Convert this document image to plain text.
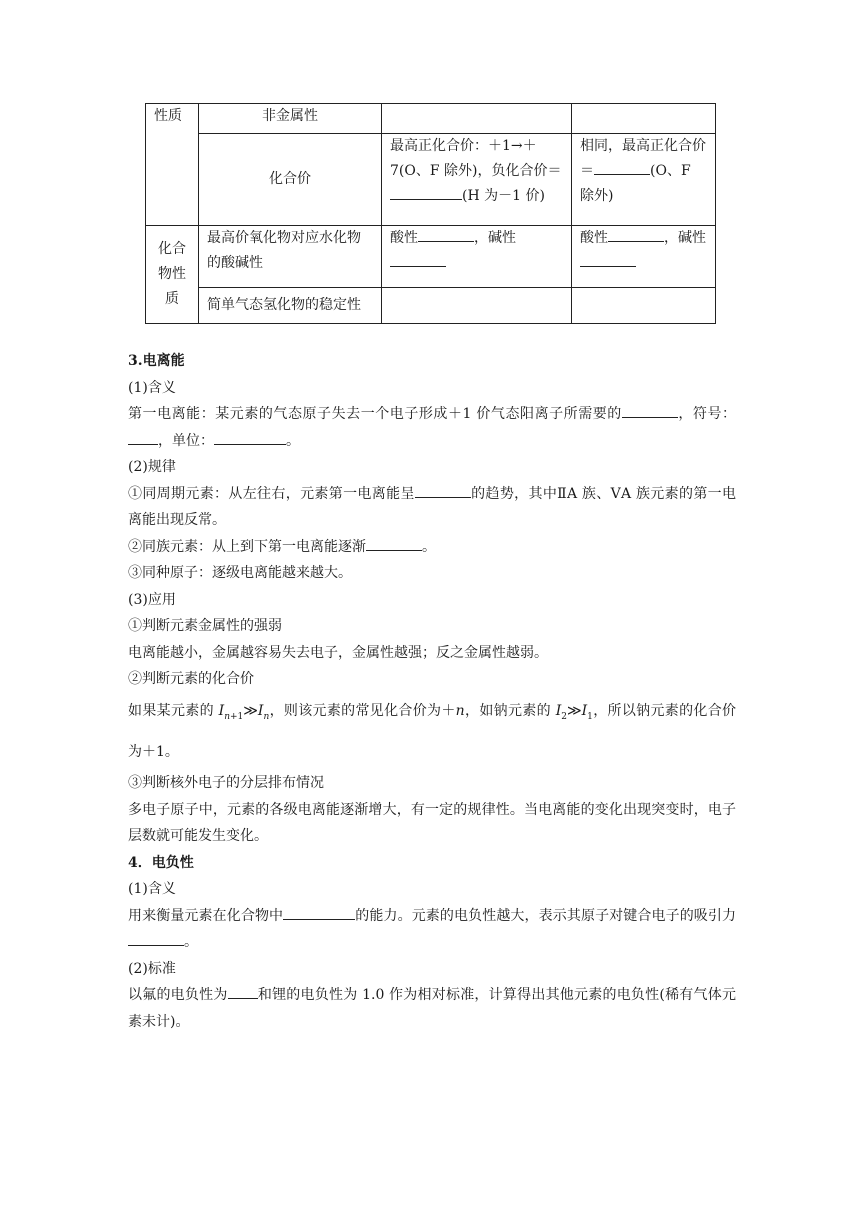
性质	非金属性		
	化合价	最高正化合价：＋1→＋7(O、F 除外)，负化合价＝(H 为－1 价)	相同，最高正化合价＝ (O、F 除外)
化合物性质	最高价氧化物对应水化物的酸碱性	酸性 ，碱性	酸性 ，碱性
	简单气态氢化物的稳定性		

3.电离能

(1)含义

第一电离能：某元素的气态原子失去一个电子形成＋1 价气态阳离子所需要的	，符号：，单位：	。

(2)规律

①同周期元素：从左往右，元素第一电离能呈	的趋势，其中ⅡA 族、ⅤA 族元素的第一电离能出现反常。

②同族元素：从上到下第一电离能逐渐	。

③同种原子：逐级电离能越来越大。

(3)应用

①判断元素金属性的强弱

电离能越小，金属越容易失去电子，金属性越强；反之金属性越弱。

②判断元素的化合价

如果某元素的 $I_{n+1}≫I_n$，则该元素的常见化合价为＋n，如钠元素的 $I_2≫I_1$，所以钠元素的化合价为＋1。

③判断核外电子的分层排布情况

多电子原子中，元素的各级电离能逐渐增大，有一定的规律性。当电离能的变化出现突变时，电子层数就可能发生变化。

4．电负性

(1)含义

用来衡量元素在化合物中	的能力。元素的电负性越大，表示其原子对键合电子的吸引力。

(2)标准

以氟的电负性为 和锂的电负性为 1.0 作为相对标准，计算得出其他元素的电负性(稀有气体元素未计)。
